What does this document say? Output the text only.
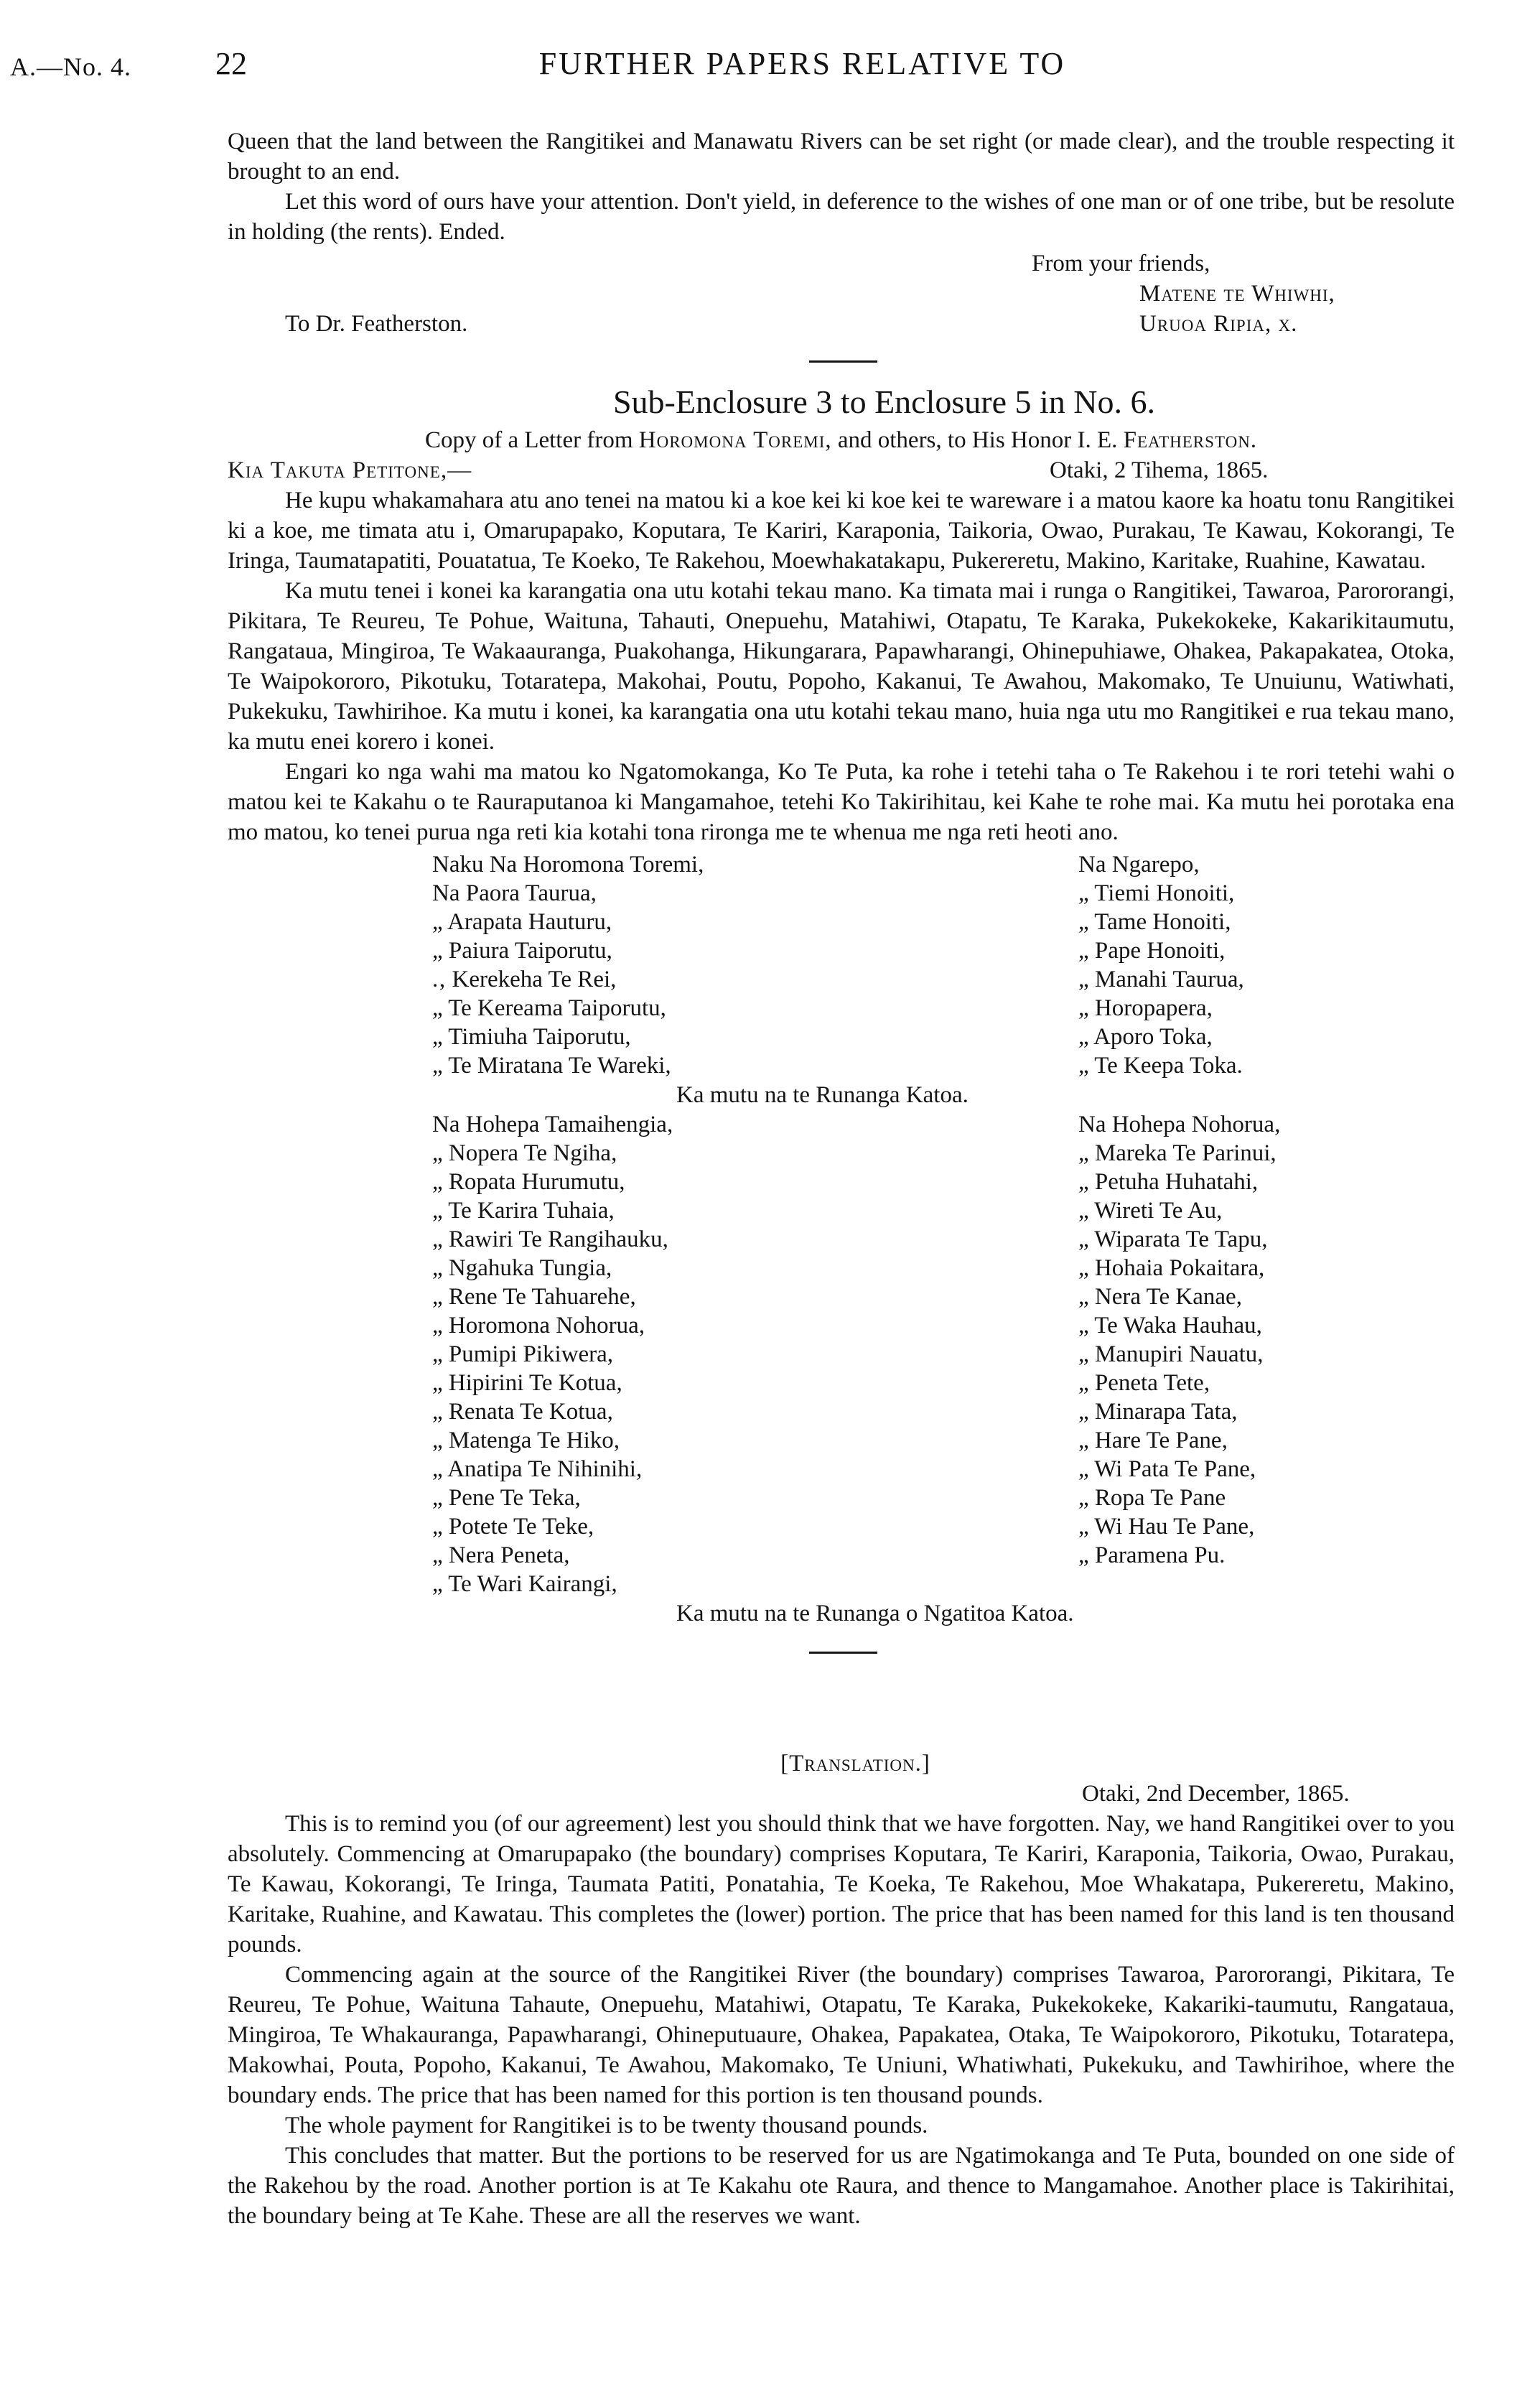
A.—No. 4.	22	FURTHER PAPERS RELATIVE TO

Queen that the land between the Rangitikei and Manawatu Rivers can be set right (or made clear), and the trouble respecting it brought to an end.

Let this word of ours have your attention. Don't yield, in deference to the wishes of one man or of one tribe, but be resolute in holding (the rents). Ended.

From your friends,

Matene te Whiwhi,

To Dr. Featherston.	Uruoa Ripia, x.
Sub-Enclosure 3 to Enclosure 5 in No. 6.

Copy of a Letter from Horomona Toremi, and others, to His Honor I. E. Featherston.

Kia Takuta Petitone,—	Otaki, 2 Tihema, 1865.

He kupu whakamahara atu ano tenei na matou ki a koe kei ki koe kei te wareware i a matou kaore ka hoatu tonu Rangitikei ki a koe, me timata atu i, Omarupapako, Koputara, Te Kariri, Karaponia, Taikoria, Owao, Purakau, Te Kawau, Kokorangi, Te Iringa, Taumatapatiti, Pouatatua, Te Koeko, Te Rakehou, Moewhakatakapu, Pukereretu, Makino, Karitake, Ruahine, Kawatau.

Ka mutu tenei i konei ka karangatia ona utu kotahi tekau mano. Ka timata mai i runga o Rangitikei, Tawaroa, Parororangi, Pikitara, Te Reureu, Te Pohue, Waituna, Tahauti, Onepuehu, Matahiwi, Otapatu, Te Karaka, Pukekokeke, Kakarikitaumutu, Rangataua, Mingiroa, Te Wakaauranga, Puakohanga, Hikungarara, Papawharangi, Ohinepuhiawe, Ohakea, Pakapakatea, Otoka, Te Waipokororo, Pikotuku, Totaratepa, Makohai, Poutu, Popoho, Kakanui, Te Awahou, Makomako, Te Unuiunu, Watiwhati, Pukekuku, Tawhirihoe. Ka mutu i konei, ka karangatia ona utu kotahi tekau mano, huia nga utu mo Rangitikei e rua tekau mano, ka mutu enei korero i konei.

Engari ko nga wahi ma matou ko Ngatomokanga, Ko Te Puta, ka rohe i tetehi taha o Te Rakehou i te rori tetehi wahi o matou kei te Kakahu o te Rauraputanoa ki Mangamahoe, tetehi Ko Takirihitau, kei Kahe te rohe mai. Ka mutu hei porotaka ena mo matou, ko tenei purua nga reti kia kotahi tona rironga me te whenua me nga reti heoti ano.

Naku Na Horomona Toremi,	Na Ngarepo,
Na Paora Taurua,	„ Tiemi Honoiti,
„ Arapata Hauturu,	„ Tame Honoiti,
„ Paiura Taiporutu,	„ Pape Honoiti,
.‚ Kerekeha Te Rei,	„ Manahi Taurua,
„ Te Kereama Taiporutu,	„ Horopapera,
„ Timiuha Taiporutu,	„ Aporo Toka,
„ Te Miratana Te Wareki,	„ Te Keepa Toka.
Ka mutu na te Runanga Katoa.
Na Hohepa Tamaihengia,	Na Hohepa Nohorua,
„ Nopera Te Ngiha,	„ Mareka Te Parinui,
„ Ropata Hurumutu,	„ Petuha Huhatahi,
„ Te Karira Tuhaia,	„ Wireti Te Au,
„ Rawiri Te Rangihauku,	„ Wiparata Te Tapu,
„ Ngahuka Tungia,	„ Hohaia Pokaitara,
„ Rene Te Tahuarehe,	„ Nera Te Kanae,
„ Horomona Nohorua,	„ Te Waka Hauhau,
„ Pumipi Pikiwera,	„ Manupiri Nauatu,
„ Hipirini Te Kotua,	„ Peneta Tete,
„ Renata Te Kotua,	„ Minarapa Tata,
„ Matenga Te Hiko,	„ Hare Te Pane,
„ Anatipa Te Nihinihi,	„ Wi Pata Te Pane,
„ Pene Te Teka,	„ Ropa Te Pane
„ Potete Te Teke,	„ Wi Hau Te Pane,
„ Nera Peneta,	„ Paramena Pu.
„ Te Wari Kairangi,
Ka mutu na te Runanga o Ngatitoa Katoa.

[Translation.]

Otaki, 2nd December, 1865.

This is to remind you (of our agreement) lest you should think that we have forgotten. Nay, we hand Rangitikei over to you absolutely. Commencing at Omarupapako (the boundary) comprises Koputara, Te Kariri, Karaponia, Taikoria, Owao, Purakau, Te Kawau, Kokorangi, Te Iringa, Taumata Patiti, Ponatahia, Te Koeka, Te Rakehou, Moe Whakatapa, Pukereretu, Makino, Karitake, Ruahine, and Kawatau. This completes the (lower) portion. The price that has been named for this land is ten thousand pounds.

Commencing again at the source of the Rangitikei River (the boundary) comprises Tawaroa, Parororangi, Pikitara, Te Reureu, Te Pohue, Waituna Tahaute, Onepuehu, Matahiwi, Otapatu, Te Karaka, Pukekokeke, Kakariki-taumutu, Rangataua, Mingiroa, Te Whakauranga, Papawharangi, Ohineputuaure, Ohakea, Papakatea, Otaka, Te Waipokororo, Pikotuku, Totaratepa, Makowhai, Pouta, Popoho, Kakanui, Te Awahou, Makomako, Te Uniuni, Whatiwhati, Pukekuku, and Tawhirihoe, where the boundary ends. The price that has been named for this portion is ten thousand pounds.

The whole payment for Rangitikei is to be twenty thousand pounds.

This concludes that matter. But the portions to be reserved for us are Ngatimokanga and Te Puta, bounded on one side of the Rakehou by the road. Another portion is at Te Kakahu ote Raura, and thence to Mangamahoe. Another place is Takirihitai, the boundary being at Te Kahe. These are all the reserves we want.
